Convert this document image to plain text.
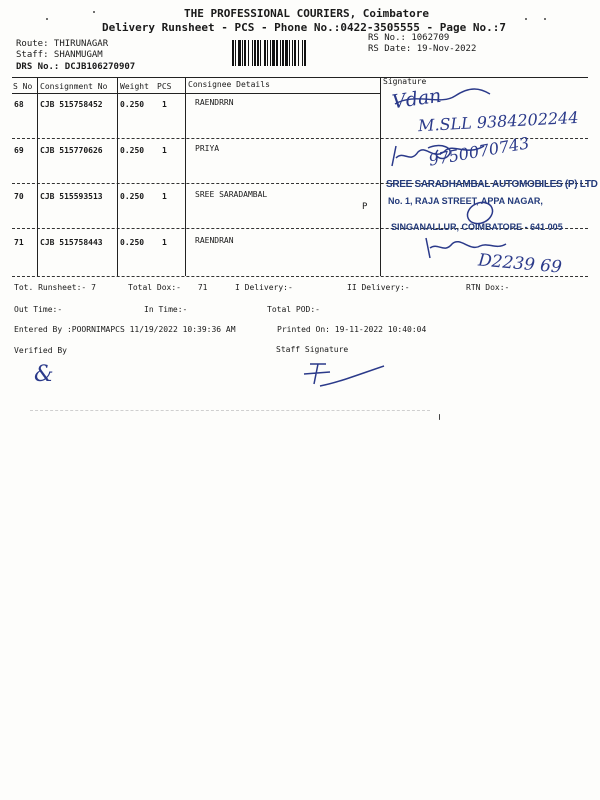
THE PROFESSIONAL COURIERS, Coimbatore
Delivery Runsheet - PCS - Phone No.:0422-3505555 - Page No.:7
Route: THIRUNAGAR
Staff: SHANMUGAM
DRS No.: DCJB106270907
RS No.: 1062709
RS Date: 19-Nov-2022
S No Consignment No Weight PCS Consignee Details	Signature
68 CJB 515758452 0.250 1	RAENDRRN
69 CJB 515770626 0.250 1	PRIYA
70 CJB 515593513 0.250 1	SREE SARADAMBAL
71 CJB 515758443 0.250 1	RAENDRAN
Vdan
M.SLL 9384202244
9750070743
SREE SARADHAMBAL AUTOMOBILES (P) LTD
No. 1, RAJA STREET, APPA NAGAR,
SINGANALLUR, COIMBATORE - 641 005
P
D2239 69
Tot. Runsheet:- 7	Total Dox:- 71	I Delivery:-	II Delivery:-	RTN Dox:-
Out Time:-	In Time:-	Total POD:-
Entered By :POORNIMAPCS 11/19/2022 10:39:36 AM	Printed On: 19-11-2022 10:40:04
Verified By	Staff Signature
&
